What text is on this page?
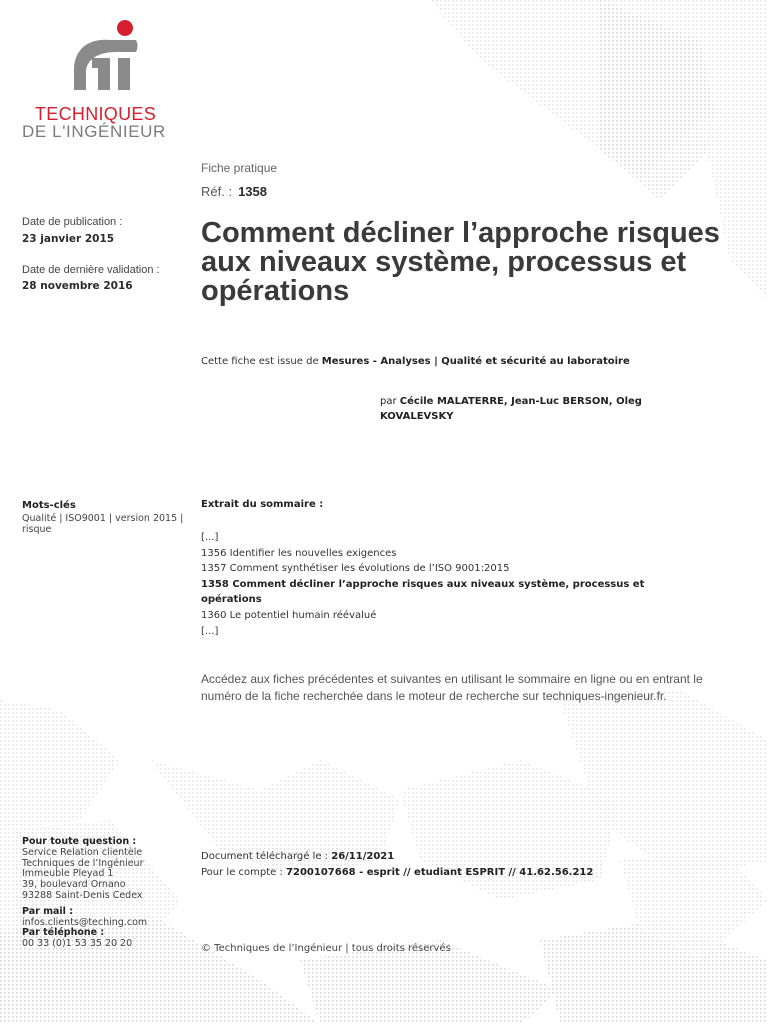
TECHNIQUES
DE L'INGÉNIEUR
Fiche pratique
Réf. : 1358
Date de publication :
23 janvier 2015
Date de dernière validation :
28 novembre 2016
Comment décliner l’approche risques aux niveaux système, processus et opérations
Cette fiche est issue de Mesures - Analyses | Qualité et sécurité au laboratoire
par Cécile MALATERRE, Jean-Luc BERSON, Oleg KOVALEVSKY
Mots-clés
Qualité | ISO9001 | version 2015 | risque
Extrait du sommaire :
[...]
1356 Identifier les nouvelles exigences
1357 Comment synthétiser les évolutions de l’ISO 9001:2015
1358 Comment décliner l’approche risques aux niveaux système, processus et opérations
1360 Le potentiel humain réévalué
[...]
Accédez aux fiches précédentes et suivantes en utilisant le sommaire en ligne ou en entrant le numéro de la fiche recherchée dans le moteur de recherche sur techniques-ingenieur.fr.
Pour toute question :
Service Relation clientèle
Techniques de l’Ingénieur
Immeuble Pleyad 1
39, boulevard Ornano
93288 Saint-Denis Cedex
Par mail :
infos.clients@teching.com
Par téléphone :
00 33 (0)1 53 35 20 20
Document téléchargé le : 26/11/2021
Pour le compte : 7200107668 - esprit // etudiant ESPRIT // 41.62.56.212
© Techniques de l’Ingénieur | tous droits réservés
